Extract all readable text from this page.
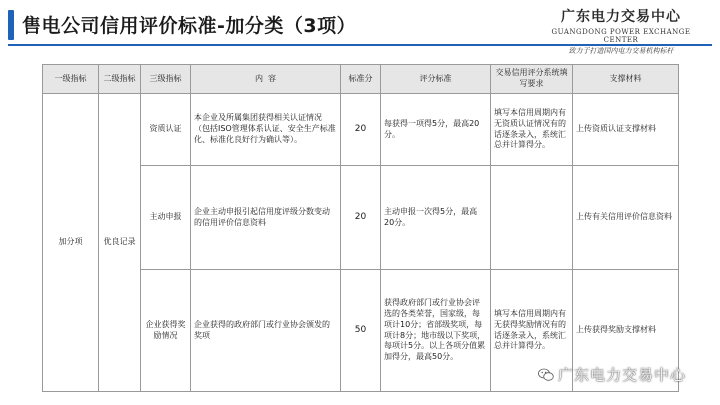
售电公司信用评价标准-加分类（3项）	广东电力交易中心
GUANGDONG POWER EXCHANGE CENTER
致力于打造国内电力交易机构标杆
一级指标	二级指标	三级指标	内  容	标准分	评分标准	交易信用评分系统填写要求	支撑材料
加分项	优良记录	资质认证	本企业及所属集团获得相关认证情况（包括ISO管理体系认证、安全生产标准化、标准化良好行为确认等）。	20	每获得一项得5分，最高20分。	填写本信用周期内有无资质认证情况有的话逐条录入，系统汇总并计算得分。	上传资质认证支撑材料
		主动申报	企业主动申报引起信用度评级分数变动的信用评价信息资料	20	主动申报一次得5分，最高20分。		上传有关信用评价信息资料
		企业获得奖励情况	企业获得的政府部门或行业协会颁发的奖项	50	获得政府部门或行业协会评选的各类荣誉，国家级，每项计10分；省部级奖项，每项计8分；地市级以下奖项，每项计5分。以上各项分值累加得分，最高50分。	填写本信用周期内有无获得奖励情况有的话逐条录入，系统汇总并计算得分。	上传获得奖励支撑材料
广东电力交易中心
